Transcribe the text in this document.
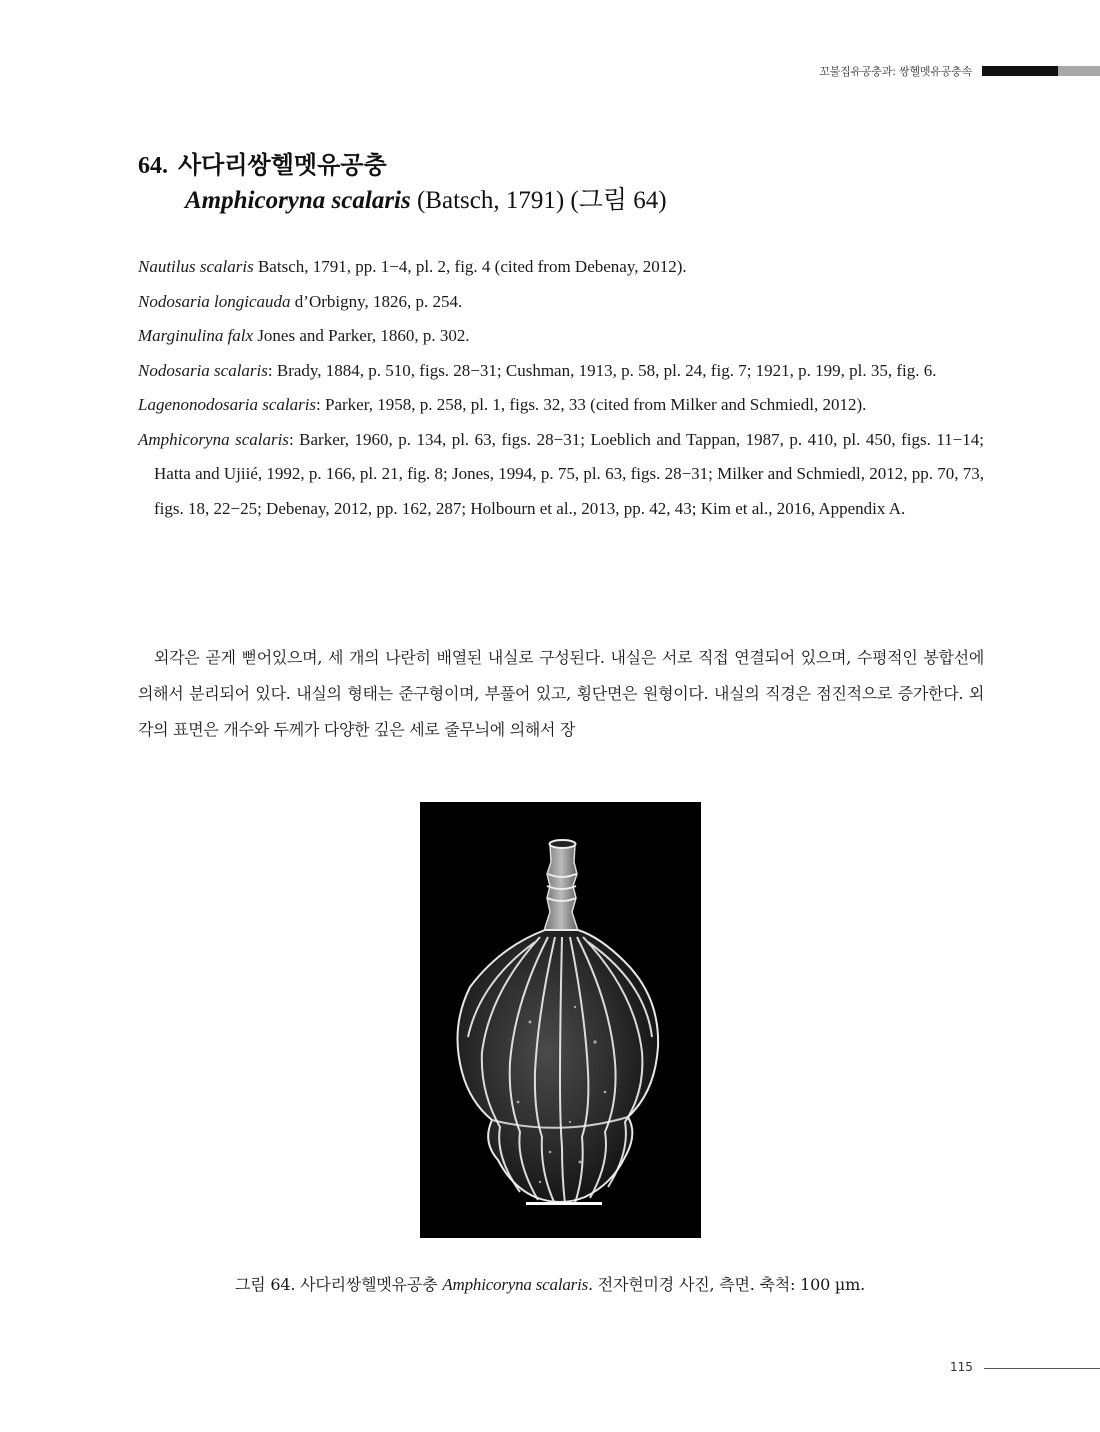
꼬불집유공충과: 쌍헬멧유공충속
64. 사다리쌍헬멧유공충
Amphicoryna scalaris (Batsch, 1791) (그림 64)
Nautilus scalaris Batsch, 1791, pp. 1−4, pl. 2, fig. 4 (cited from Debenay, 2012).
Nodosaria longicauda d’Orbigny, 1826, p. 254.
Marginulina falx Jones and Parker, 1860, p. 302.
Nodosaria scalaris: Brady, 1884, p. 510, figs. 28−31; Cushman, 1913, p. 58, pl. 24, fig. 7; 1921, p. 199, pl. 35, fig. 6.
Lagenonodosaria scalaris: Parker, 1958, p. 258, pl. 1, figs. 32, 33 (cited from Milker and Schmiedl, 2012).
Amphicoryna scalaris: Barker, 1960, p. 134, pl. 63, figs. 28−31; Loeblich and Tappan, 1987, p. 410, pl. 450, figs. 11−14; Hatta and Ujiié, 1992, p. 166, pl. 21, fig. 8; Jones, 1994, p. 75, pl. 63, figs. 28−31; Milker and Schmiedl, 2012, pp. 70, 73, figs. 18, 22−25; Debenay, 2012, pp. 162, 287; Holbourn et al., 2013, pp. 42, 43; Kim et al., 2016, Appendix A.

외각은 곧게 뻗어있으며, 세 개의 나란히 배열된 내실로 구성된다. 내실은 서로 직접 연결되어 있으며, 수평적인 봉합선에 의해서 분리되어 있다. 내실의 형태는 준구형이며, 부풀어 있고, 횡단면은 원형이다. 내실의 직경은 점진적으로 증가한다. 외각의 표면은 개수와 두께가 다양한 깊은 세로 줄무늬에 의해서 장

그림 64. 사다리쌍헬멧유공충 Amphicoryna scalaris. 전자현미경 사진, 측면. 축척: 100 µm.
115
